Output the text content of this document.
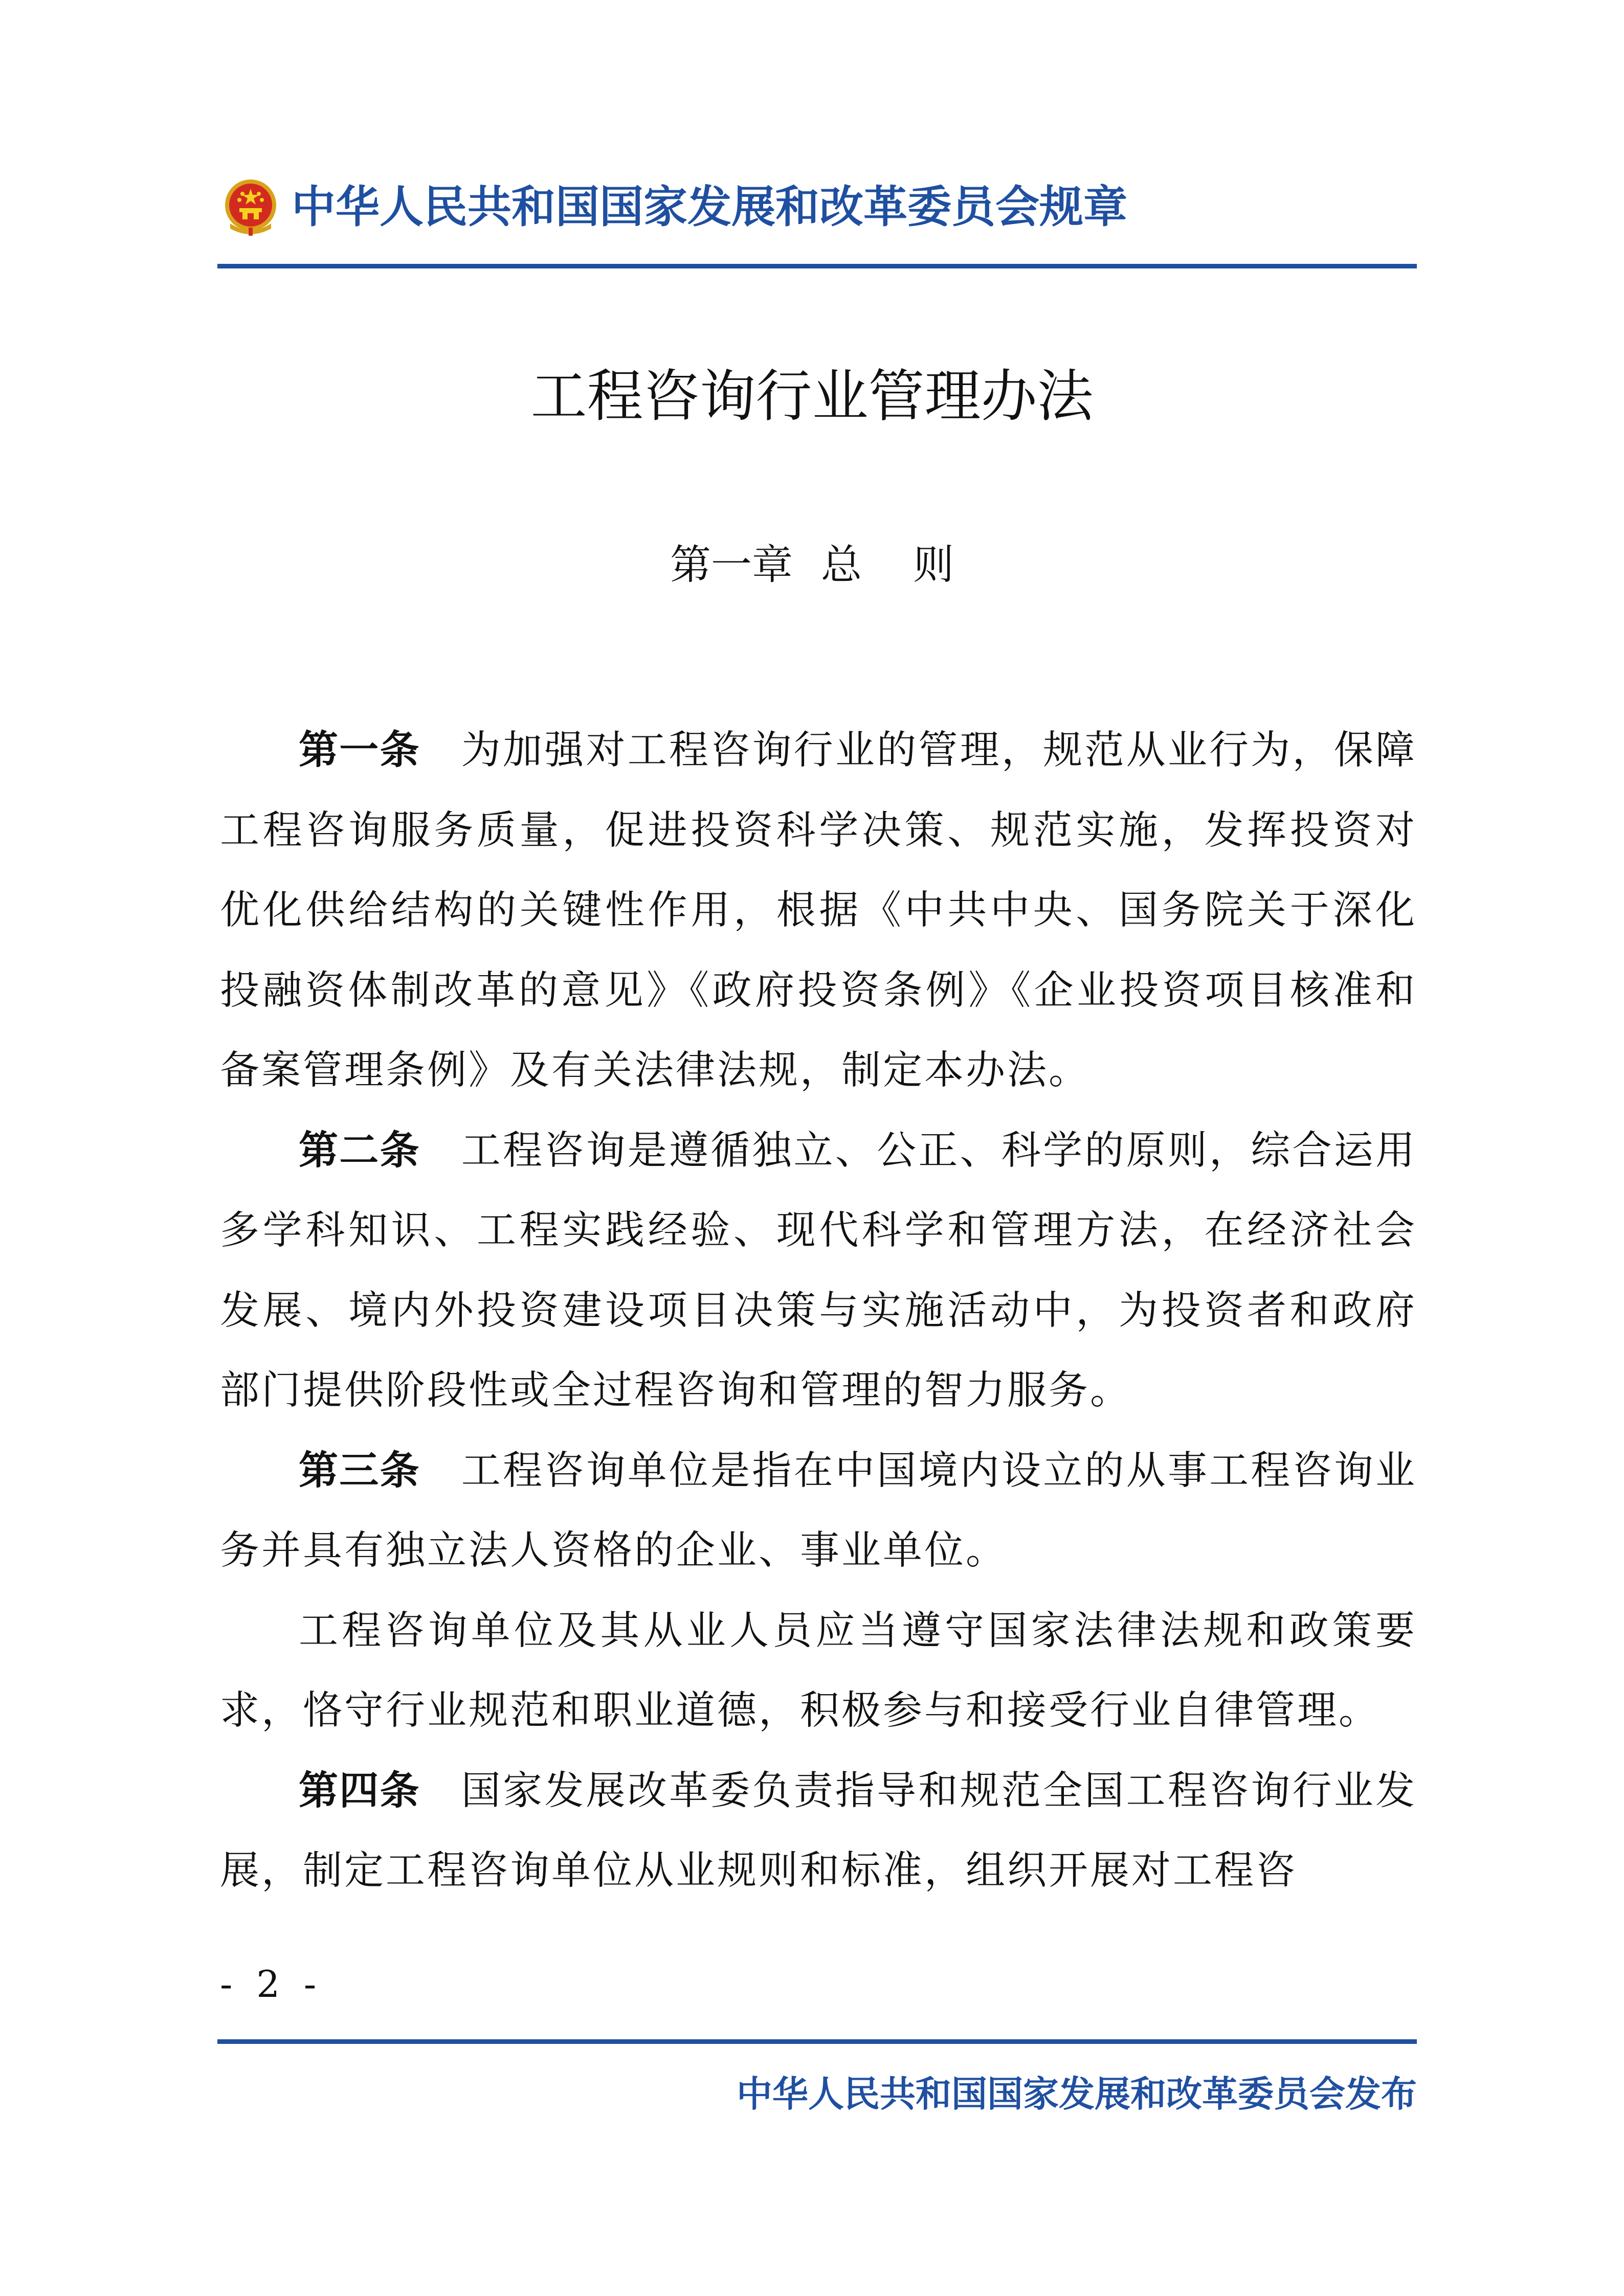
中华人民共和国国家发展和改革委员会规章
工程咨询行业管理办法
第一章 总 则

第一条 为加强对工程咨询行业的管理，规范从业行为，保障工程咨询服务质量，促进投资科学决策、规范实施，发挥投资对优化供给结构的关键性作用，根据《中共中央、国务院关于深化投融资体制改革的意见》《政府投资条例》《企业投资项目核准和备案管理条例》及有关法律法规，制定本办法。

第二条 工程咨询是遵循独立、公正、科学的原则，综合运用多学科知识、工程实践经验、现代科学和管理方法，在经济社会发展、境内外投资建设项目决策与实施活动中，为投资者和政府部门提供阶段性或全过程咨询和管理的智力服务。

第三条 工程咨询单位是指在中国境内设立的从事工程咨询业务并具有独立法人资格的企业、事业单位。

工程咨询单位及其从业人员应当遵守国家法律法规和政策要求，恪守行业规范和职业道德，积极参与和接受行业自律管理。

第四条 国家发展改革委负责指导和规范全国工程咨询行业发展，制定工程咨询单位从业规则和标准，组织开展对工程咨

- 2 -
中华人民共和国国家发展和改革委员会发布
